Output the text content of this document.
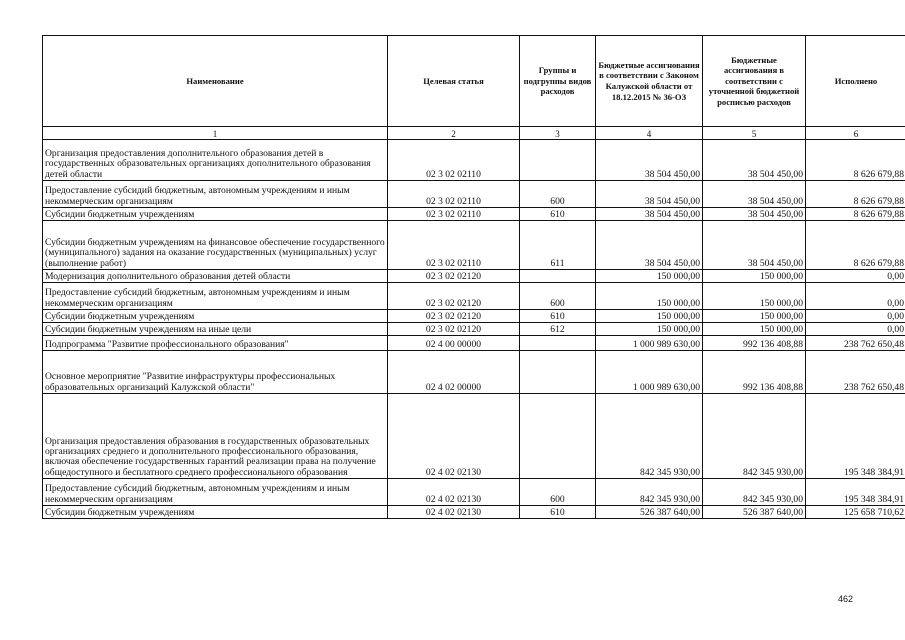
Наименование	Целевая статья	Группы и подгруппы видов расходов	Бюджетные ассигнования в соответствии с Законом Калужской области от 18.12.2015 № 36-ОЗ	Бюджетные ассигнования в соответствии с уточненной бюджетной росписью расходов	Исполнено
1	2	3	4	5	6
Организация предоставления дополнительного образования детей в государственных образовательных организациях дополнительного образования детей области	02 3 02 02110		38 504 450,00	38 504 450,00	8 626 679,88
Предоставление субсидий бюджетным, автономным учреждениям и иным некоммерческим организациям	02 3 02 02110	600	38 504 450,00	38 504 450,00	8 626 679,88
Субсидии бюджетным учреждениям	02 3 02 02110	610	38 504 450,00	38 504 450,00	8 626 679,88
Субсидии бюджетным учреждениям на финансовое обеспечение государственного (муниципального) задания на оказание государственных (муниципальных) услуг (выполнение работ)	02 3 02 02110	611	38 504 450,00	38 504 450,00	8 626 679,88
Модернизация дополнительного образования детей области	02 3 02 02120		150 000,00	150 000,00	0,00
Предоставление субсидий бюджетным, автономным учреждениям и иным некоммерческим организациям	02 3 02 02120	600	150 000,00	150 000,00	0,00
Субсидии бюджетным учреждениям	02 3 02 02120	610	150 000,00	150 000,00	0,00
Субсидии бюджетным учреждениям на иные цели	02 3 02 02120	612	150 000,00	150 000,00	0,00
Подпрограмма "Развитие профессионального образования"	02 4 00 00000		1 000 989 630,00	992 136 408,88	238 762 650,48
Основное мероприятие "Развитие инфраструктуры профессиональных образовательных организаций Калужской области"	02 4 02 00000		1 000 989 630,00	992 136 408,88	238 762 650,48
Организация предоставления образования в государственных образовательных организациях среднего и дополнительного профессионального образования, включая обеспечение государственных гарантий реализации права на получение общедоступного и бесплатного среднего профессионального образования	02 4 02 02130		842 345 930,00	842 345 930,00	195 348 384,91
Предоставление субсидий бюджетным, автономным учреждениям и иным некоммерческим организациям	02 4 02 02130	600	842 345 930,00	842 345 930,00	195 348 384,91
Субсидии бюджетным учреждениям	02 4 02 02130	610	526 387 640,00	526 387 640,00	125 658 710,62
462
